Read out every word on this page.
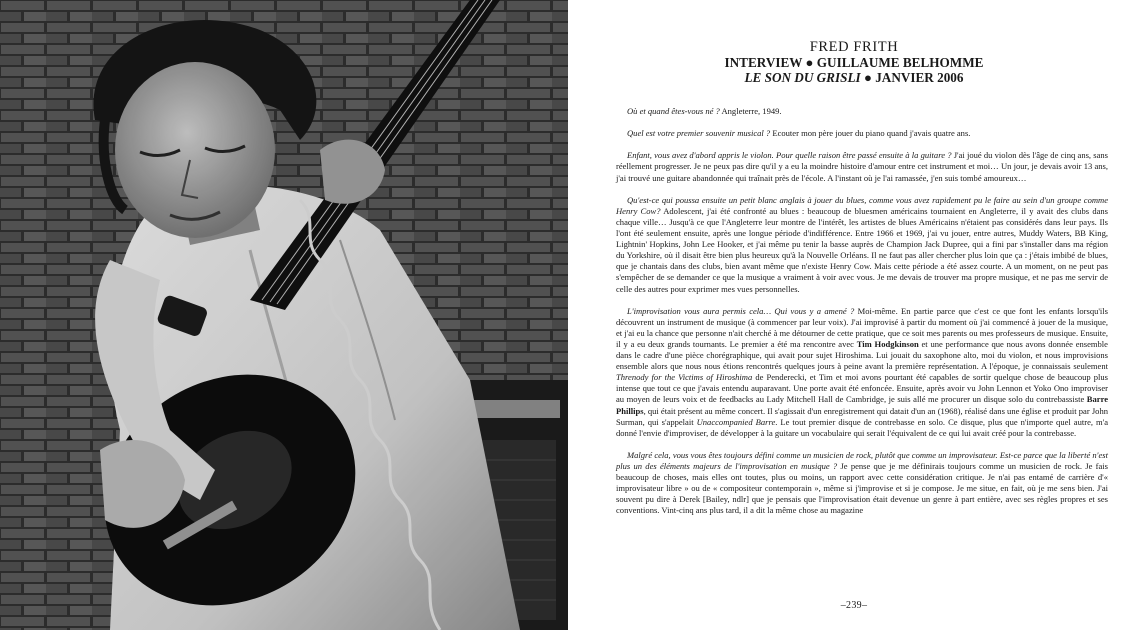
FRED FRITH
INTERVIEW ● GUILLAUME BELHOMME
LE SON DU GRISLI ● JANVIER 2006

Où et quand êtes-vous né ? Angleterre, 1949.

Quel est votre premier souvenir musical ? Ecouter mon père jouer du piano quand j'avais quatre ans.

Enfant, vous avez d'abord appris le violon. Pour quelle raison être passé ensuite à la guitare ? J'ai joué du violon dès l'âge de cinq ans, sans réellement progresser. Je ne peux pas dire qu'il y a eu la moindre histoire d'amour entre cet instrument et moi… Un jour, je devais avoir 13 ans, j'ai trouvé une guitare abandonnée qui traînait près de l'école. A l'instant où je l'ai ramassée, j'en suis tombé amoureux…

Qu'est-ce qui poussa ensuite un petit blanc anglais à jouer du blues, comme vous avez rapidement pu le faire au sein d'un groupe comme Henry Cow? Adolescent, j'ai été confronté au blues : beaucoup de bluesmen américains tournaient en Angleterre, il y avait des clubs dans chaque ville… Jusqu'à ce que l'Angleterre leur montre de l'intérêt, les artistes de blues Américains n'étaient pas considérés dans leur pays. Ils l'ont été seulement ensuite, après une longue période d'indifférence. Entre 1966 et 1969, j'ai vu jouer, entre autres, Muddy Waters, BB King, Lightnin' Hopkins, John Lee Hooker, et j'ai même pu tenir la basse auprès de Champion Jack Dupree, qui a fini par s'installer dans ma région du Yorkshire, où il disait être bien plus heureux qu'à la Nouvelle Orléans. Il ne faut pas aller chercher plus loin que ça : j'étais imbibé de blues, que je chantais dans des clubs, bien avant même que n'existe Henry Cow. Mais cette période a été assez courte. A un moment, on ne peut pas s'empêcher de se demander ce que la musique a vraiment à voir avec vous. Je me devais de trouver ma propre musique, et ne pas me servir de celle des autres pour exprimer mes vues personnelles.

L'improvisation vous aura permis cela… Qui vous y a amené ? Moi-même. En partie parce que c'est ce que font les enfants lorsqu'ils découvrent un instrument de musique (à commencer par leur voix). J'ai improvisé à partir du moment où j'ai commencé à jouer de la musique, et j'ai eu la chance que personne n'ait cherché à me détourner de cette pratique, que ce soit mes parents ou mes professeurs de musique. Ensuite, il y a eu deux grands tournants. Le premier a été ma rencontre avec Tim Hodgkinson et une performance que nous avons donnée ensemble dans le cadre d'une pièce chorégraphique, qui avait pour sujet Hiroshima. Lui jouait du saxophone alto, moi du violon, et nous improvisions ensemble alors que nous nous étions rencontrés quelques jours à peine avant la première représentation. A l'époque, je connaissais seulement Threnody for the Victims of Hiroshima de Penderecki, et Tim et moi avons pourtant été capables de sortir quelque chose de beaucoup plus intense que tout ce que j'avais entendu auparavant. Une porte avait été enfoncée. Ensuite, après avoir vu John Lennon et Yoko Ono improviser au moyen de leurs voix et de feedbacks au Lady Mitchell Hall de Cambridge, je suis allé me procurer un disque solo du contrebassiste Barre Phillips, qui était présent au même concert. Il s'agissait d'un enregistrement qui datait d'un an (1968), réalisé dans une église et produit par John Surman, qui s'appelait Unaccompanied Barre. Le tout premier disque de contrebasse en solo. Ce disque, plus que n'importe quel autre, m'a donné l'envie d'improviser, de développer à la guitare un vocabulaire qui serait l'équivalent de ce qui lui avait créé pour la contrebasse.

Malgré cela, vous vous êtes toujours défini comme un musicien de rock, plutôt que comme un improvisateur. Est-ce parce que la liberté n'est plus un des éléments majeurs de l'improvisation en musique ? Je pense que je me définirais toujours comme un musicien de rock. Je fais beaucoup de choses, mais elles ont toutes, plus ou moins, un rapport avec cette considération critique. Je n'ai pas entamé de carrière d'« improvisateur libre » ou de « compositeur contemporain », même si j'improvise et si je compose. Je me situe, en fait, où je me sens bien. J'ai souvent pu dire à Derek [Bailey, ndlr] que je pensais que l'improvisation était devenue un genre à part entière, avec ses règles propres et ses conventions. Vint-cinq ans plus tard, il a dit la même chose au magazine

–239–
